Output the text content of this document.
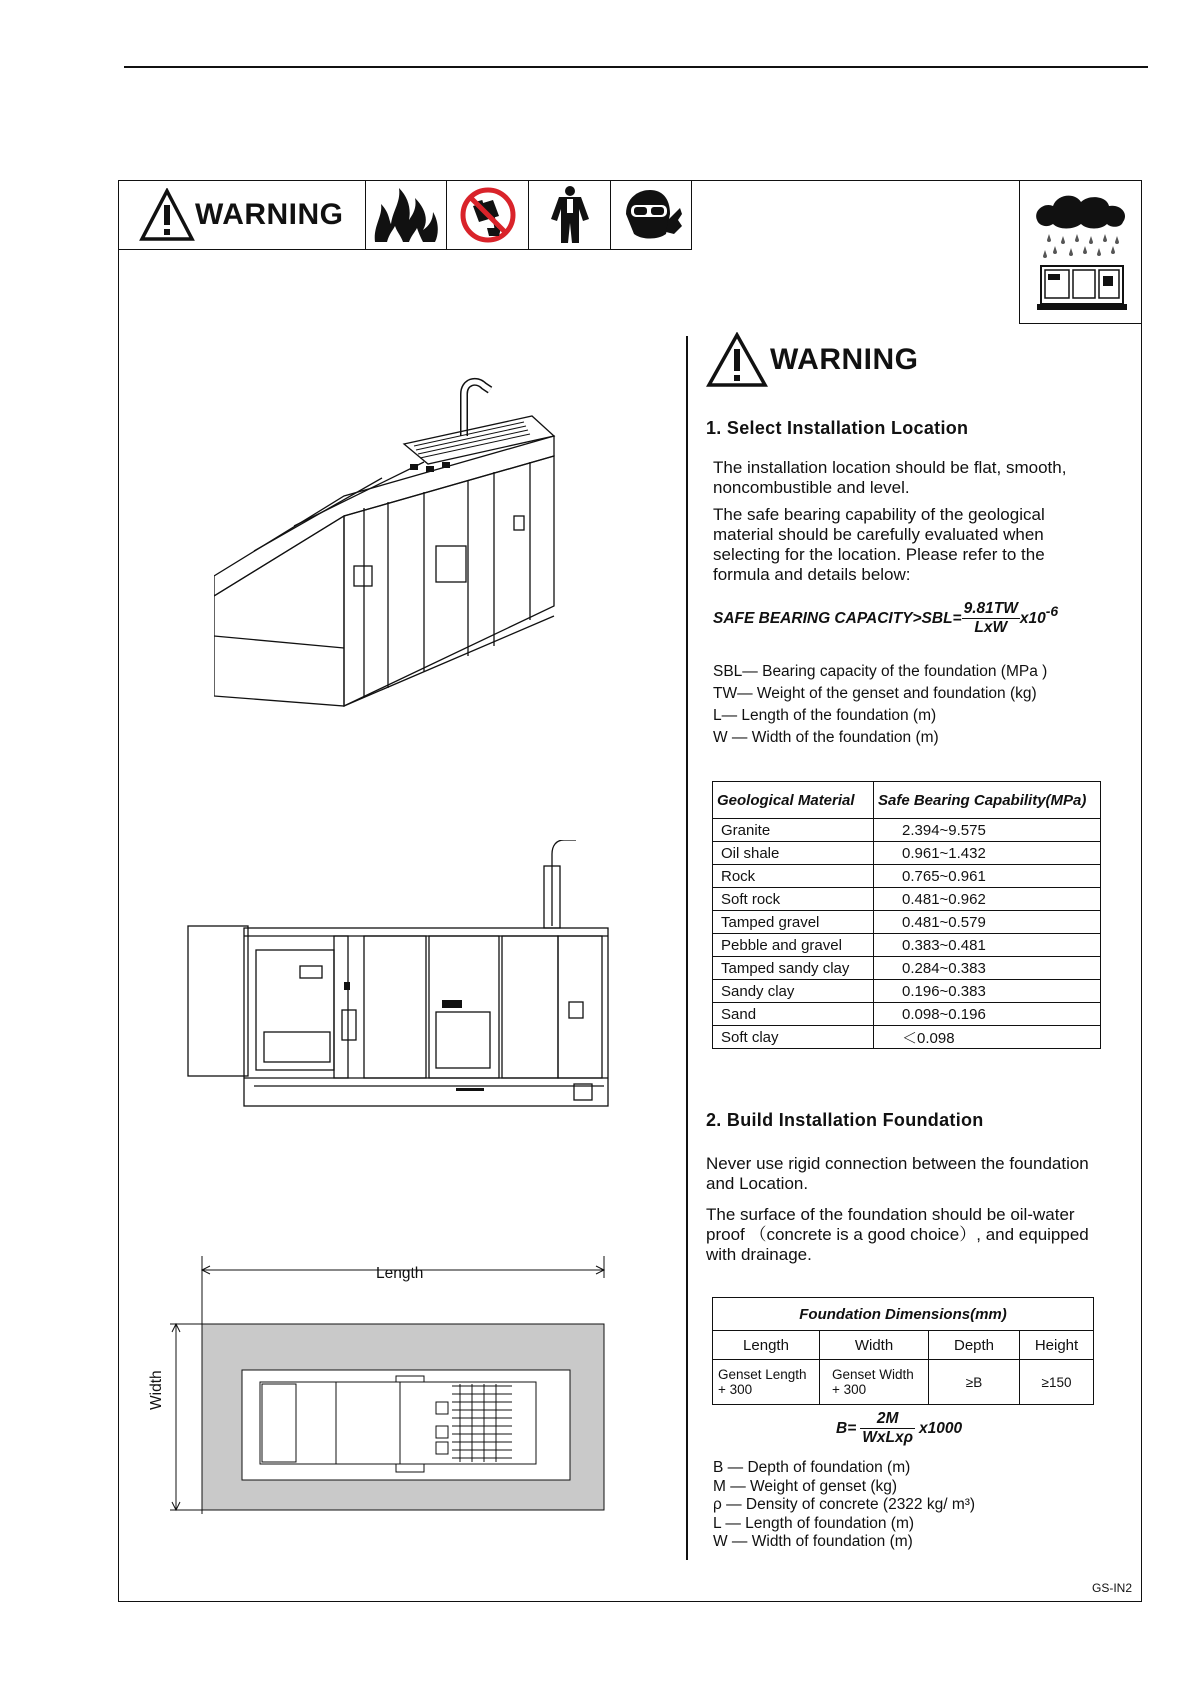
WARNING
Length
Width
WARNING
1. Select Installation Location
The installation location should be flat, smooth, noncombustible and level.
The safe bearing capability of the geological material should be carefully evaluated when selecting for the location. Please refer to the formula and details below:
SAFE BEARING CAPACITY>SBL= $\frac{9.81TW}{\text{LxW}} x10$ -6
SBL— Bearing capacity of the foundation (MPa )
TW— Weight of the genset and foundation (kg)
L— Length of the foundation (m)
W — Width of the foundation (m)
Geological Material	Safe Bearing Capability(MPa)
Granite	2.394~9.575
Oil shale	0.961~1.432
Rock	0.765~0.961
Soft rock	0.481~0.962
Tamped gravel	0.481~0.579
Pebble and gravel	0.383~0.481
Tamped sandy clay	0.284~0.383
Sandy clay	0.196~0.383
Sand	0.098~0.196
Soft clay	＜0.098
2. Build Installation Foundation
Never use rigid connection between the foundation and Location.
The surface of the foundation should be oil-water proof （concrete is a good choice）, and equipped with drainage.
Foundation Dimensions(mm)			
Length	Width	Depth	Height
Genset Length + 300	Genset Width + 300	≥B	≥150
$B= \frac{2M}{\text{WxLxρ}} x1000$
B — Depth of foundation (m)
M — Weight of genset (kg)
ρ — Density of concrete (2322 kg/ m³)
L — Length of foundation (m)
W — Width of foundation (m)
GS-IN2
